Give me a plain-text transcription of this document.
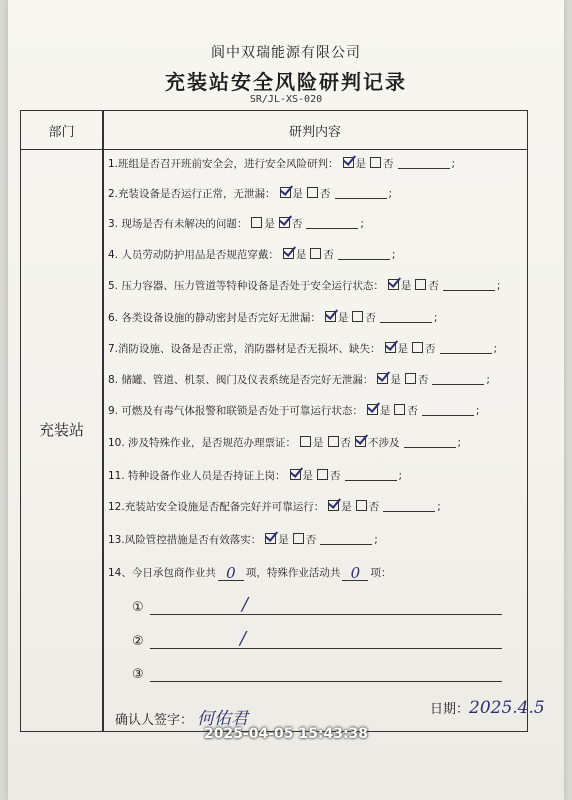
阆中双瑞能源有限公司
充装站安全风险研判记录
SR/JL-XS-020
部门	研判内容
充装站
1.班组是否召开班前安全会，进行安全风险研判： 是 否	;
2.充装设备是否运行正常，无泄漏： 是 否	;
3. 现场是否有未解决的问题： 是 否	;
4. 人员劳动防护用品是否规范穿戴： 是 否	;
5. 压力容器、压力管道等特种设备是否处于安全运行状态： 是 否	;
6. 各类设备设施的静动密封是否完好无泄漏： 是 否	;
7.消防设施、设备是否正常，消防器材是否无损坏、缺失： 是 否	;
8. 储罐、管道、机泵、阀门及仪表系统是否完好无泄漏： 是 否	;
9. 可燃及有毒气体报警和联锁是否处于可靠运行状态： 是 否	;
10. 涉及特殊作业，是否规范办理票证： 是 否 不涉及	;
11. 特种设备作业人员是否持证上岗： 是 否	;
12.充装站安全设施是否配备完好并可靠运行： 是 否	;
13.风险管控措施是否有效落实： 是 否	;
14、今日承包商作业共 0 项，特殊作业活动共 0 项：
①	/
②	/
③
确认人签字： 何佑君	日期：2025.4.5
2025-04-05 15:43:38
